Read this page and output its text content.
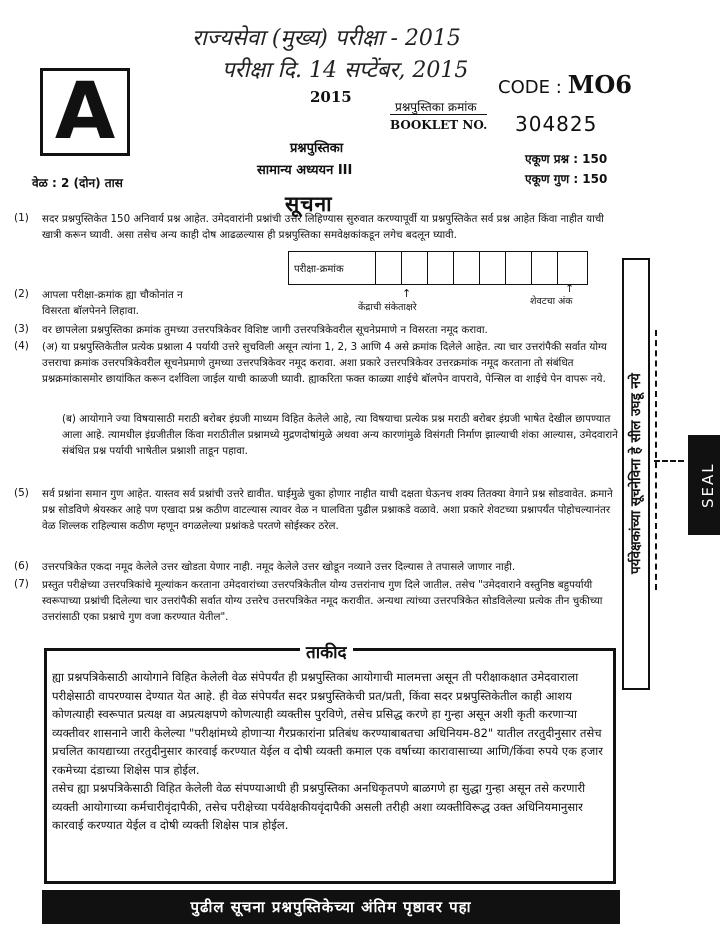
राज्यसेवा (मुख्य) परीक्षा - 2015
परीक्षा दि. 14 सप्टेंबर, 2015
A	2015	CODE : MO6
प्रश्नपुस्तिका क्रमांक
BOOKLET NO. 304825
प्रश्नपुस्तिका
सामान्य अध्ययन III
एकूण प्रश्न : 150
एकूण गुण : 150
वेळ : 2 (दोन) तास
सूचना
(1) सदर प्रश्नपुस्तिकेत 150 अनिवार्य प्रश्न आहेत. उमेदवारांनी प्रश्नांची उत्तरे लिहिण्यास सुरुवात करण्यापूर्वी या प्रश्नपुस्तिकेत सर्व प्रश्न आहेत किंवा नाहीत याची खात्री करून घ्यावी. असा तसेच अन्य काही दोष आढळल्यास ही प्रश्नपुस्तिका समवेक्षकांकडून लगेच बदलून घ्यावी.
परीक्षा-क्रमांक
↑	↑
केंद्राची संकेताक्षरे
शेवटचा अंक
(2) आपला परीक्षा-क्रमांक ह्या चौकोनांत न विसरता बॉलपेनने लिहावा.
(3) वर छापलेला प्रश्नपुस्तिका क्रमांक तुमच्या उत्तरपत्रिकेवर विशिष्ट जागी उत्तरपत्रिकेवरील सूचनेप्रमाणे न विसरता नमूद करावा.
(4) (अ) या प्रश्नपुस्तिकेतील प्रत्येक प्रश्नाला 4 पर्यायी उत्तरे सुचविली असून त्यांना 1, 2, 3 आणि 4 असे क्रमांक दिलेले आहेत. त्या चार उत्तरांपैकी सर्वात योग्य उत्तराचा क्रमांक उत्तरपत्रिकेवरील सूचनेप्रमाणे तुमच्या उत्तरपत्रिकेवर नमूद करावा. अशा प्रकारे उत्तरपत्रिकेवर उत्तरक्रमांक नमूद करताना तो संबंधित प्रश्नक्रमांकासमोर छायांकित करून दर्शविला जाईल याची काळजी घ्यावी. ह्याकरिता फक्त काळ्या शाईचे बॉलपेन वापरावे, पेन्सिल वा शाईचे पेन वापरू नये.
(ब) आयोगाने ज्या विषयासाठी मराठी बरोबर इंग्रजी माध्यम विहित केलेले आहे, त्या विषयाचा प्रत्येक प्रश्न मराठी बरोबर इंग्रजी भाषेत देखील छापण्यात आला आहे. त्यामधील इंग्रजीतील किंवा मराठीतील प्रश्नामध्ये मुद्रणदोषांमुळे अथवा अन्य कारणांमुळे विसंगती निर्माण झाल्याची शंका आल्यास, उमेदवाराने संबंधित प्रश्न पर्यायी भाषेतील प्रश्नाशी ताडून पहावा.
(5) सर्व प्रश्नांना समान गुण आहेत. यास्तव सर्व प्रश्नांची उत्तरे द्यावीत. घाईमुळे चुका होणार नाहीत याची दक्षता घेऊनच शक्य तितक्या वेगाने प्रश्न सोडवावेत. क्रमाने प्रश्न सोडविणे श्रेयस्कर आहे पण एखादा प्रश्न कठीण वाटल्यास त्यावर वेळ न घालविता पुढील प्रश्नाकडे वळावे. अशा प्रकारे शेवटच्या प्रश्नापर्यंत पोहोचल्यानंतर वेळ शिल्लक राहिल्यास कठीण म्हणून वगळलेल्या प्रश्नांकडे परतणे सोईस्कर ठरेल.
(6) उत्तरपत्रिकेत एकदा नमूद केलेले उत्तर खोडता येणार नाही. नमूद केलेले उत्तर खोडून नव्याने उत्तर दिल्यास ते तपासले जाणार नाही.
(7) प्रस्तुत परीक्षेच्या उत्तरपत्रिकांचे मूल्यांकन करताना उमेदवारांच्या उत्तरपत्रिकेतील योग्य उत्तरांनाच गुण दिले जातील. तसेच "उमेदवाराने वस्तुनिष्ठ बहुपर्यायी स्वरूपाच्या प्रश्नांची दिलेल्या चार उत्तरांपैकी सर्वात योग्य उत्तरेच उत्तरपत्रिकेत नमूद करावीत. अन्यथा त्यांच्या उत्तरपत्रिकेत सोडविलेल्या प्रत्येक तीन चुकीच्या उत्तरांसाठी एका प्रश्नाचे गुण वजा करण्यात येतील".
ताकीद
ह्या प्रश्नपत्रिकेसाठी आयोगाने विहित केलेली वेळ संपेपर्यंत ही प्रश्नपुस्तिका आयोगाची मालमत्ता असून ती परीक्षाकक्षात उमेदवाराला परीक्षेसाठी वापरण्यास देण्यात येत आहे. ही वेळ संपेपर्यंत सदर प्रश्नपुस्तिकेची प्रत/प्रती, किंवा सदर प्रश्नपुस्तिकेतील काही आशय कोणत्याही स्वरूपात प्रत्यक्ष वा अप्रत्यक्षपणे कोणत्याही व्यक्तीस पुरविणे, तसेच प्रसिद्ध करणे हा गुन्हा असून अशी कृती करणाऱ्या व्यक्तीवर शासनाने जारी केलेल्या "परीक्षांमध्ये होणाऱ्या गैरप्रकारांना प्रतिबंध करण्याबाबतचा अधिनियम-82" यातील तरतुदीनुसार तसेच प्रचलित कायद्याच्या तरतुदीनुसार कारवाई करण्यात येईल व दोषी व्यक्ती कमाल एक वर्षाच्या कारावासाच्या आणि/किंवा रुपये एक हजार रकमेच्या दंडाच्या शिक्षेस पात्र होईल.
तसेच ह्या प्रश्नपत्रिकेसाठी विहित केलेली वेळ संपण्याआधी ही प्रश्नपुस्तिका अनधिकृतपणे बाळगणे हा सुद्धा गुन्हा असून तसे करणारी व्यक्ती आयोगाच्या कर्मचारीवृंदापैकी, तसेच परीक्षेच्या पर्यवेक्षकीयवृंदापैकी असली तरीही अशा व्यक्तीविरूद्ध उक्त अधिनियमानुसार कारवाई करण्यात येईल व दोषी व्यक्ती शिक्षेस पात्र होईल.
पुढील सूचना प्रश्नपुस्तिकेच्या अंतिम पृष्ठावर पहा
पर्यवेक्षकांच्या सूचनेविना हे सील उघडू नये	SEAL
